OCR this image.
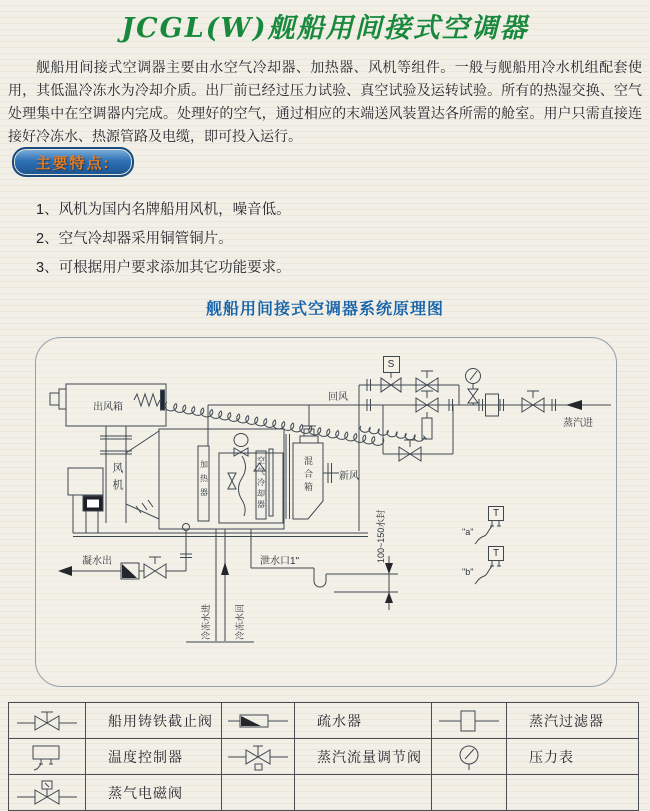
JCGL(W)舰船用间接式空调器

舰船用间接式空调器主要由水空气冷却器、加热器、风机等组件。一般与舰船用冷水机组配套使用，其低温冷冻水为冷却介质。出厂前已经过压力试验、真空试验及运转试验。所有的热湿交换、空气处理集中在空调器内完成。处理好的空气，通过相应的末端送风装置达各所需的舱室。用户只需直接连接好冷冻水、热源管路及电缆，即可投入运行。

主要特点:
1、风机为国内名牌船用风机，噪音低。
2、空气冷却器采用铜管铜片。
3、可根据用户要求添加其它功能要求。
舰船用间接式空调器系统原理图
出风箱
风机	加热器	空气冷却器	混合箱	新风
回风
蒸汽进
凝水出	泄水口1"
冷冻水进	冷冻水回
100~150水封
S
T
T
"a"
"b"
	船用铸铁截止阀		疏水器		蒸汽过滤器

	温度控制器		蒸汽流量调节阀		压力表

	蒸气电磁阀				
